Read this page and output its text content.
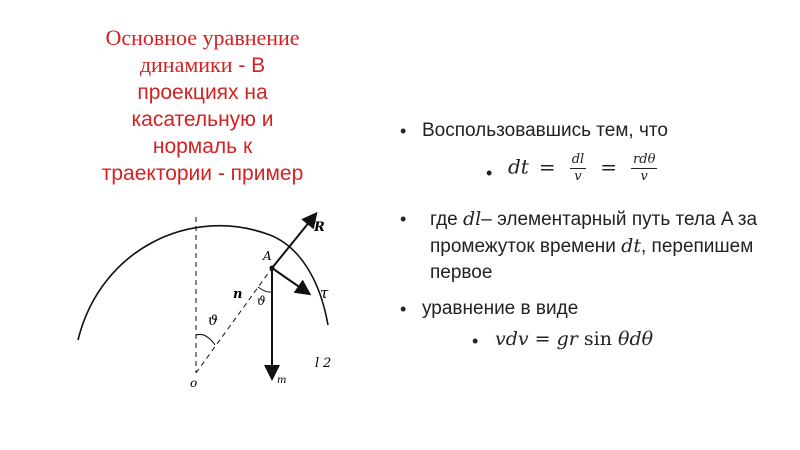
Основное уравнение
динамики - В
проекциях на
касательную и
нормаль к
траектории - пример
A
R
n	τ
ϑ
ϑ
o	m
l 2
• Воспользовавшись тем, что
• dt = $\frac{dl}{v} = \frac{\text{rdθ}}{v}$
• где dl– элементарный путь тела A за промежуток времени dt, перепишем первое
• уравнение в виде
• vdv = gr sin θdθ
